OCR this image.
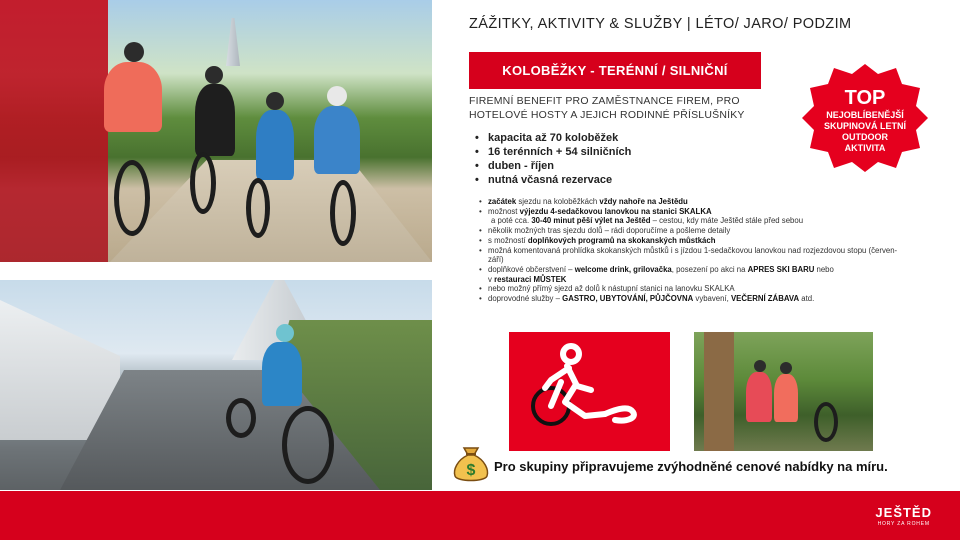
ZÁŽITKY, AKTIVITY & SLUŽBY | LÉTO/ JARO/ PODZIM
KOLOBĚŽKY - TERÉNNÍ / SILNIČNÍ
FIREMNÍ BENEFIT PRO ZAMĚSTNANCE FIREM, PRO HOTELOVÉ HOSTY A JEJICH RODINNÉ PŘÍSLUŠNÍKY
TOP
NEJOBLÍBENĚJŠÍ SKUPINOVÁ LETNÍ OUTDOOR AKTIVITA
• kapacita až 70 koloběžek
• 16 terénních + 54 silničních
• duben - říjen
• nutná včasná rezervace
• začátek sjezdu na koloběžkách vždy nahoře na Ještědu
• možnost výjezdu 4-sedačkovou lanovkou na stanici SKALKA
a poté cca. 30-40 minut pěší výlet na Ještěd – cestou, kdy máte Ještěd stále před sebou
• několik možných tras sjezdu dolů – rádi doporučíme a pošleme detaily
• s možností doplňkových programů na skokanských můstkách
• možná komentovaná prohlídka skokanských můstků i s jízdou 1-sedačkovou lanovkou nad rozjezdovou stopu (červen-září)
• doplňkové občerstvení – welcome drink, grilovačka, posezení po akci na APRES SKI BARU nebo
v restauraci MŮSTEK
• nebo možný přímý sjezd až dolů k nástupní stanici na lanovku SKALKA
• doprovodné služby – GASTRO, UBYTOVÁNÍ, PŮJČOVNA vybavení, VEČERNÍ ZÁBAVA atd.
$ Pro skupiny připravujeme zvýhodněné cenové nabídky na míru.
JEŠTĚD
HORY ZA ROHEM
